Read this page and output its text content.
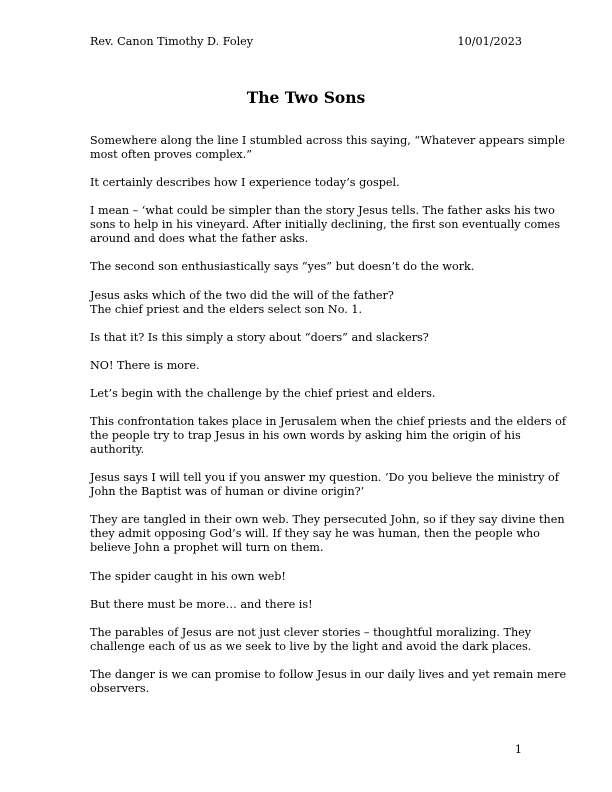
Rev. Canon Timothy D. Foley	10/01/2023
The Two Sons

Somewhere along the line I stumbled across this saying, “Whatever appears simple
most often proves complex.”

It certainly describes how I experience today’s gospel.

I mean – ‘what could be simpler than the story Jesus tells. The father asks his two
sons to help in his vineyard. After initially declining, the first son eventually comes
around and does what the father asks.

The second son enthusiastically says “yes” but doesn’t do the work.

Jesus asks which of the two did the will of the father?
The chief priest and the elders select son No. 1.

Is that it? Is this simply a story about “doers” and slackers?

NO! There is more.

Let’s begin with the challenge by the chief priest and elders.

This confrontation takes place in Jerusalem when the chief priests and the elders of
the people try to trap Jesus in his own words by asking him the origin of his
authority.

Jesus says I will tell you if you answer my question. ‘Do you believe the ministry of
John the Baptist was of human or divine origin?’

They are tangled in their own web. They persecuted John, so if they say divine then
they admit opposing God’s will. If they say he was human, then the people who
believe John a prophet will turn on them.

The spider caught in his own web!

But there must be more… and there is!

The parables of Jesus are not just clever stories – thoughtful moralizing. They
challenge each of us as we seek to live by the light and avoid the dark places.

The danger is we can promise to follow Jesus in our daily lives and yet remain mere
observers.

1
